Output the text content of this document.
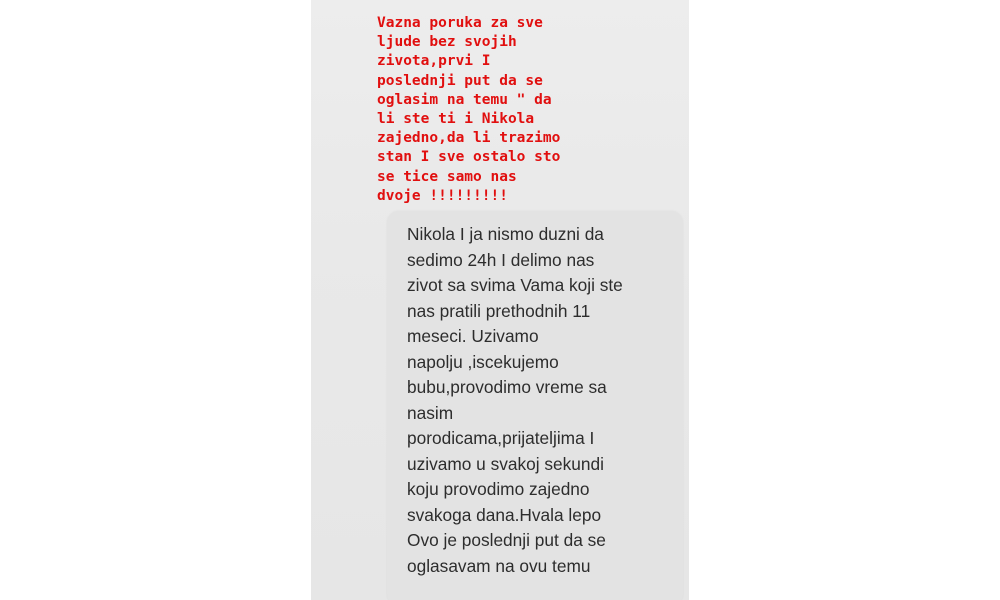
Vazna poruka za sve
ljude bez svojih
zivota,prvi I
poslednji put da se
oglasim na temu " da
li ste ti i Nikola
zajedno,da li trazimo
stan I sve ostalo sto
se tice samo nas
dvoje !!!!!!!!!
Nikola I ja nismo duzni da
sedimo 24h I delimo nas
zivot sa svima Vama koji ste
nas pratili prethodnih 11
meseci. Uzivamo
napolju ,iscekujemo
bubu,provodimo vreme sa
nasim
porodicama,prijateljima I
uzivamo u svakoj sekundi
koju provodimo zajedno
svakoga dana.Hvala lepo
Ovo je poslednji put da se
oglasavam na ovu temu
